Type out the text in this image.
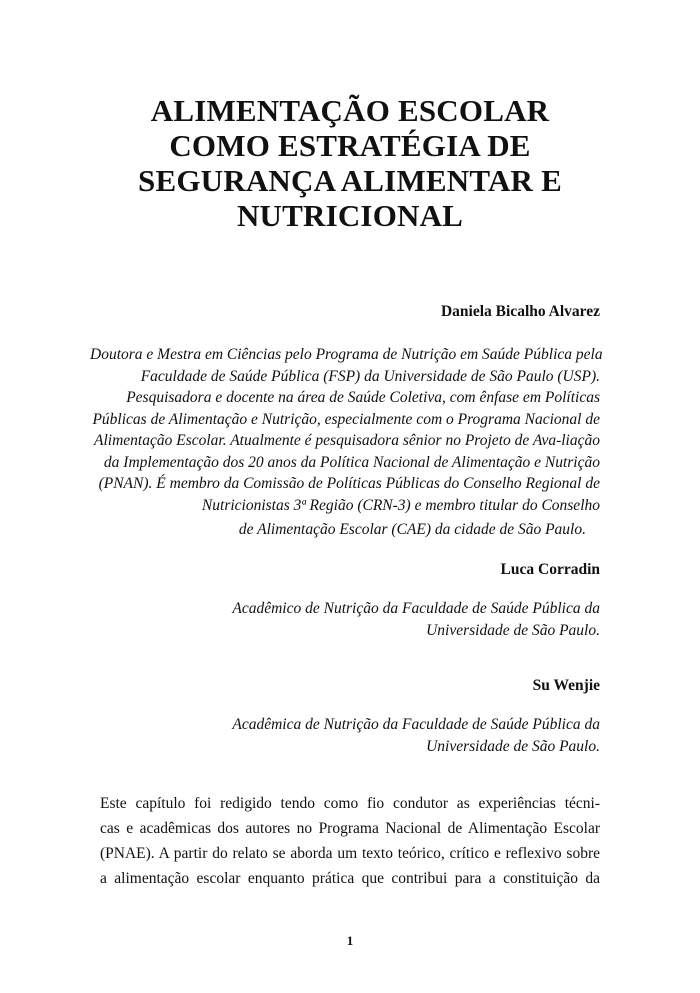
ALIMENTAÇÃO ESCOLAR
COMO ESTRATÉGIA DE
SEGURANÇA ALIMENTAR E
NUTRICIONAL

Daniela Bicalho Alvarez

Doutora e Mestra em Ciências pelo Programa de Nutrição em Saúde Pública pela
Faculdade de Saúde Pública (FSP) da Universidade de São Paulo (USP).
Pesquisadora e docente na área de Saúde Coletiva, com ênfase em Políticas
Públicas de Alimentação e Nutrição, especialmente com o Programa Nacional de
Alimentação Escolar. Atualmente é pesquisadora sênior no Projeto de Ava-liação
da Implementação dos 20 anos da Política Nacional de Alimentação e Nutrição
(PNAN). É membro da Comissão de Políticas Públicas do Conselho Regional de
Nutricionistas 3ª Região (CRN-3) e membro titular do Conselho
de Alimentação Escolar (CAE) da cidade de São Paulo.

Luca Corradin

Acadêmico de Nutrição da Faculdade de Saúde Pública da
Universidade de São Paulo.

Su Wenjie

Acadêmica de Nutrição da Faculdade de Saúde Pública da
Universidade de São Paulo.

Este capítulo foi redigido tendo como fio condutor as experiências técni-
cas e acadêmicas dos autores no Programa Nacional de Alimentação Escolar
(PNAE). A partir do relato se aborda um texto teórico, crítico e reflexivo sobre
a alimentação escolar enquanto prática que contribui para a constituição da

1
